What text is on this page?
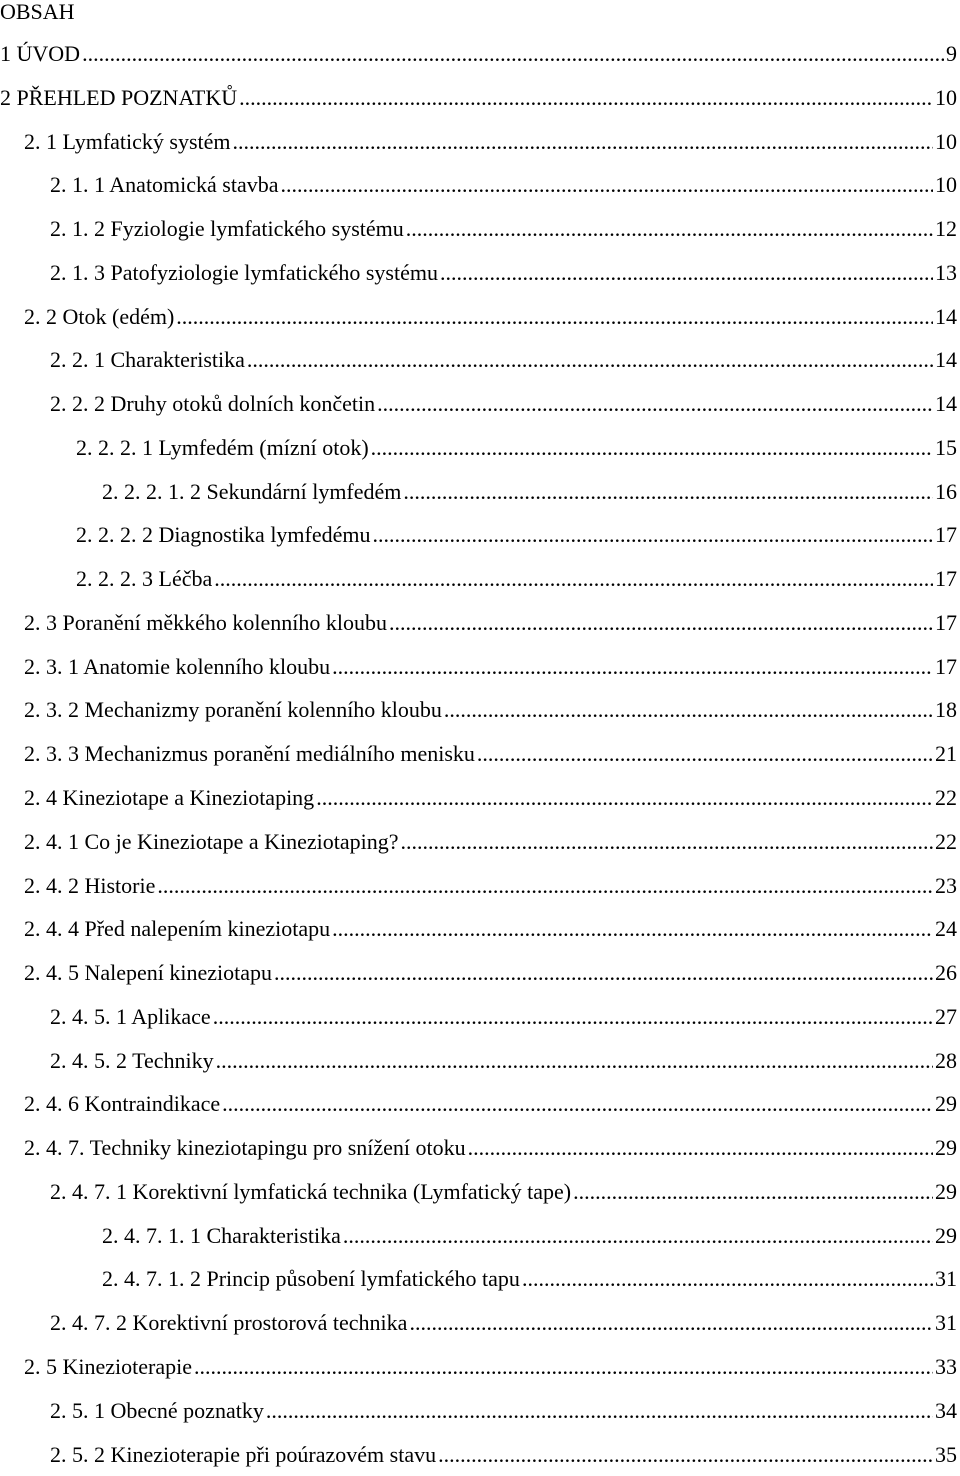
OBSAH
1 ÚVOD .....	9
2 PŘEHLED POZNATKŮ .....	10
2. 1 Lymfatický systém .....	10
2. 1. 1 Anatomická stavba .....	10
2. 1. 2 Fyziologie lymfatického systému .....	12
2. 1. 3 Patofyziologie lymfatického systému .....	13
2. 2 Otok (edém) .....	14
2. 2. 1 Charakteristika .....	14
2. 2. 2 Druhy otoků dolních končetin .....	14
2. 2. 2. 1 Lymfedém (mízní otok) .....	15
2. 2. 2. 1. 2 Sekundární lymfedém .....	16
2. 2. 2. 2 Diagnostika lymfedému .....	17
2. 2. 2. 3 Léčba .....	17
2. 3 Poranění měkkého kolenního kloubu .....	17
2. 3. 1 Anatomie kolenního kloubu .....	17
2. 3. 2 Mechanizmy poranění kolenního kloubu .....	18
2. 3. 3 Mechanizmus poranění mediálního menisku .....	21
2. 4 Kineziotape a Kineziotaping .....	22
2. 4. 1 Co je Kineziotape a Kineziotaping? .....	22
2. 4. 2 Historie .....	23
2. 4. 4 Před nalepením kineziotapu .....	24
2. 4. 5 Nalepení kineziotapu .....	26
2. 4. 5. 1 Aplikace .....	27
2. 4. 5. 2 Techniky .....	28
2. 4. 6 Kontraindikace .....	29
2. 4. 7. Techniky kineziotapingu pro snížení otoku .....	29
2. 4. 7. 1 Korektivní lymfatická technika (Lymfatický tape) .....	29
2. 4. 7. 1. 1 Charakteristika .....	29
2. 4. 7. 1. 2 Princip působení lymfatického tapu .....	31
2. 4. 7. 2 Korektivní prostorová technika .....	31
2. 5 Kinezioterapie .....	33
2. 5. 1 Obecné poznatky .....	34
2. 5. 2 Kinezioterapie při poúrazovém stavu .....	35
